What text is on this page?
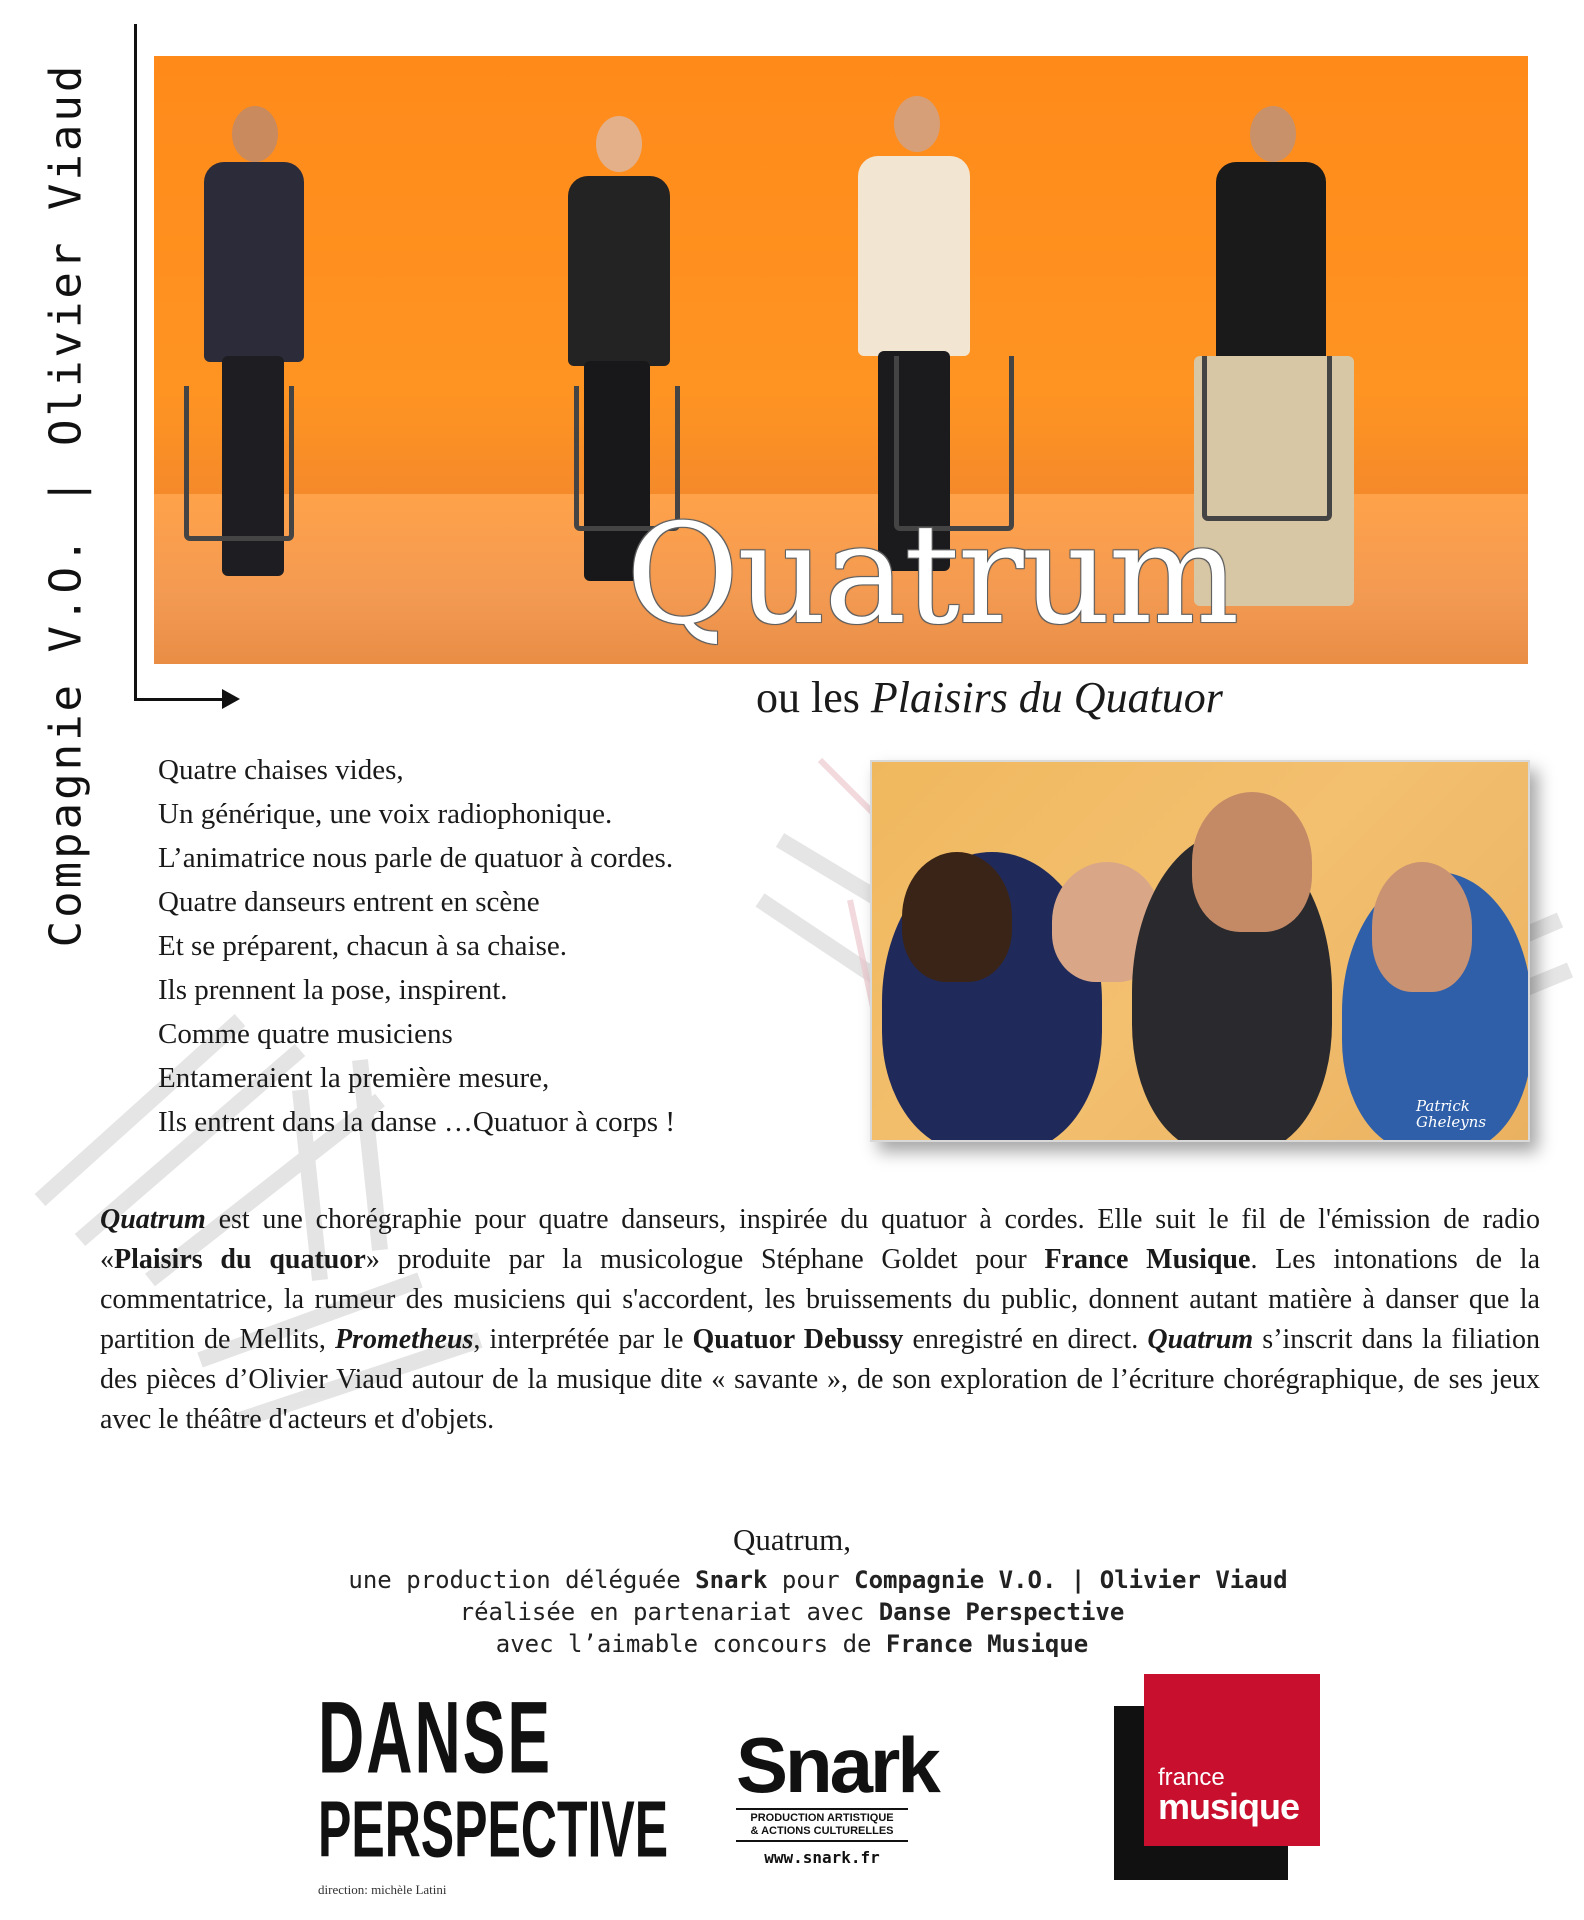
Compagnie V.O. | Olivier Viaud	Quatrum
ou les Plaisirs du Quatuor
Quatre chaises vides,
Un générique, une voix radiophonique.
L’animatrice nous parle de quatuor à cordes.
Quatre danseurs entrent en scène
Et se préparent, chacun à sa chaise.
Ils prennent la pose, inspirent.
Comme quatre musiciens
Entameraient la première mesure,
Ils entrent dans la danse …Quatuor à corps !	Patrick Gheleyns
Quatrum est une chorégraphie pour quatre danseurs, inspirée du quatuor à cordes. Elle suit le fil de l'émission de radio «Plaisirs du quatuor» produite par la musicologue Stéphane Goldet pour France Musique. Les intonations de la commentatrice, la rumeur des musiciens qui s'accordent, les bruissements du public, donnent autant matière à danser que la partition de Mellits, Prometheus, interprétée par le Quatuor Debussy enregistré en direct. Quatrum s’inscrit dans la filiation des pièces d’Olivier Viaud autour de la musique dite « savante », de son exploration de l’écriture chorégraphique, de ses jeux avec le théâtre d'acteurs et d'objets.
Quatrum,
une production déléguée Snark pour Compagnie V.O. | Olivier Viaud
réalisée en partenariat avec Danse Perspective
avec l’aimable concours de France Musique
DANSE
PERSPECTIVE
direction: michèle Latini
Snark
PRODUCTION ARTISTIQUE
& ACTIONS CULTURELLES
www.snark.fr
france
musique
